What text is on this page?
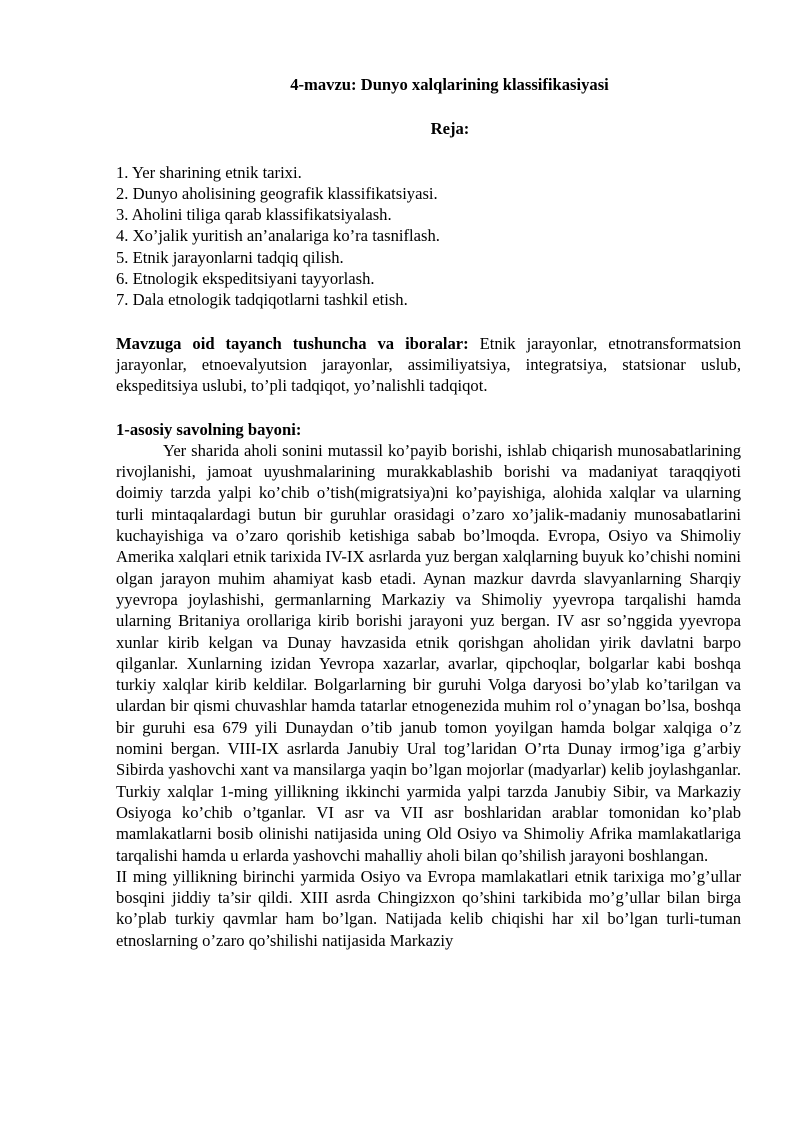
4-mavzu: Dunyo xalqlarining klassifikasiyasi
Reja:
1. Yer sharining etnik tarixi.
2. Dunyo aholisining geografik klassifikatsiyasi.
3. Aholini tiliga qarab klassifikatsiyalash.
4. Xo’jalik yuritish an’analariga ko’ra tasniflash.
5. Etnik jarayonlarni tadqiq qilish.
6. Etnologik ekspeditsiyani tayyorlash.
7. Dala etnologik tadqiqotlarni tashkil etish.

Mavzuga oid tayanch tushuncha va iboralar: Etnik jarayonlar, etnotransformatsion jarayonlar, etnoevalyutsion jarayonlar, assimiliyatsiya, integratsiya, statsionar uslub, ekspeditsiya uslubi, to’pli tadqiqot, yo’nalishli tadqiqot.

1-asosiy savolning bayoni:

Yer sharida aholi sonini mutassil ko’payib borishi, ishlab chiqarish munosabatlarining rivojlanishi, jamoat uyushmalarining murakkablashib borishi va madaniyat taraqqiyoti doimiy tarzda yalpi ko’chib o’tish(migratsiya)ni ko’payishiga, alohida xalqlar va ularning turli mintaqalardagi butun bir guruhlar orasidagi o’zaro xo’jalik-madaniy munosabatlarini kuchayishiga va o’zaro qorishib ketishiga sabab bo’lmoqda. Evropa, Osiyo va Shimoliy Amerika xalqlari etnik tarixida IV-IX asrlarda yuz bergan xalqlarning buyuk ko’chishi nomini olgan jarayon muhim ahamiyat kasb etadi. Aynan mazkur davrda slavyanlarning Sharqiy yyevropa joylashishi, germanlarning Markaziy va Shimoliy yyevropa tarqalishi hamda ularning Britaniya orollariga kirib borishi jarayoni yuz bergan. IV asr so’nggida yyevropa xunlar kirib kelgan va Dunay havzasida etnik qorishgan aholidan yirik davlatni barpo qilganlar. Xunlarning izidan Yevropa xazarlar, avarlar, qipchoqlar, bolgarlar kabi boshqa turkiy xalqlar kirib keldilar. Bolgarlarning bir guruhi Volga daryosi bo’ylab ko’tarilgan va ulardan bir qismi chuvashlar hamda tatarlar etnogenezida muhim rol o’ynagan bo’lsa, boshqa bir guruhi esa 679 yili Dunaydan o’tib janub tomon yoyilgan hamda bolgar xalqiga o’z nomini bergan. VIII-IX asrlarda Janubiy Ural tog’laridan O’rta Dunay irmog’iga g’arbiy Sibirda yashovchi xant va mansilarga yaqin bo’lgan mojorlar (madyarlar) kelib joylashganlar. Turkiy xalqlar 1-ming yillikning ikkinchi yarmida yalpi tarzda Janubiy Sibir, va Markaziy Osiyoga ko’chib o’tganlar. VI asr va VII asr boshlaridan arablar tomonidan ko’plab mamlakatlarni bosib olinishi natijasida uning Old Osiyo va Shimoliy Afrika mamlakatlariga tarqalishi hamda u erlarda yashovchi mahalliy aholi bilan qo’shilish jarayoni boshlangan.

II ming yillikning birinchi yarmida Osiyo va Evropa mamlakatlari etnik tarixiga mo’g’ullar bosqini jiddiy ta’sir qildi. XIII asrda Chingizxon qo’shini tarkibida mo’g’ullar bilan birga ko’plab turkiy qavmlar ham bo’lgan. Natijada kelib chiqishi har xil bo’lgan turli-tuman etnoslarning o’zaro qo’shilishi natijasida Markaziy
